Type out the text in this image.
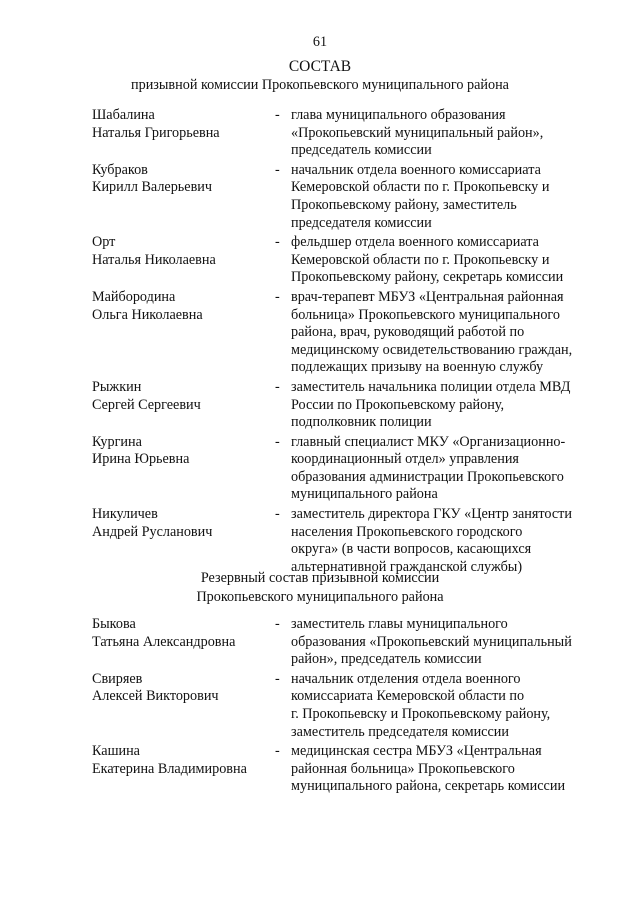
61
СОСТАВ
призывной комиссии Прокопьевского муниципального района
Шабалина
Наталья Григорьевна
- глава муниципального образования
«Прокопьевский муниципальный район»,
председатель комиссии
Кубраков
Кирилл Валерьевич
- начальник отдела военного комиссариата
Кемеровской области по г. Прокопьевску и
Прокопьевскому району, заместитель
председателя комиссии
Орт
Наталья Николаевна
- фельдшер отдела военного комиссариата
Кемеровской области по г. Прокопьевску и
Прокопьевскому району, секретарь комиссии
Майбородина
Ольга Николаевна
- врач-терапевт МБУЗ «Центральная районная
больница» Прокопьевского муниципального
района, врач, руководящий работой по
медицинскому освидетельствованию граждан,
подлежащих призыву на военную службу
Рыжкин
Сергей Сергеевич
- заместитель начальника полиции отдела МВД
России по Прокопьевскому району,
подполковник полиции
Кургина
Ирина Юрьевна
- главный специалист МКУ «Организационно-
координационный отдел» управления
образования администрации Прокопьевского
муниципального района
Никуличев
Андрей Русланович
- заместитель директора ГКУ «Центр занятости
населения Прокопьевского городского
округа» (в части вопросов, касающихся
альтернативной гражданской службы)
Резервный состав призывной комиссии
Прокопьевского муниципального района
Быкова
Татьяна Александровна
- заместитель главы муниципального
образования «Прокопьевский муниципальный
район», председатель комиссии
Свиряев
Алексей Викторович
- начальник отделения отдела военного
комиссариата Кемеровской области по
г. Прокопьевску и Прокопьевскому району,
заместитель председателя комиссии
Кашина
Екатерина Владимировна
- медицинская сестра МБУЗ «Центральная
районная больница» Прокопьевского
муниципального района, секретарь комиссии
